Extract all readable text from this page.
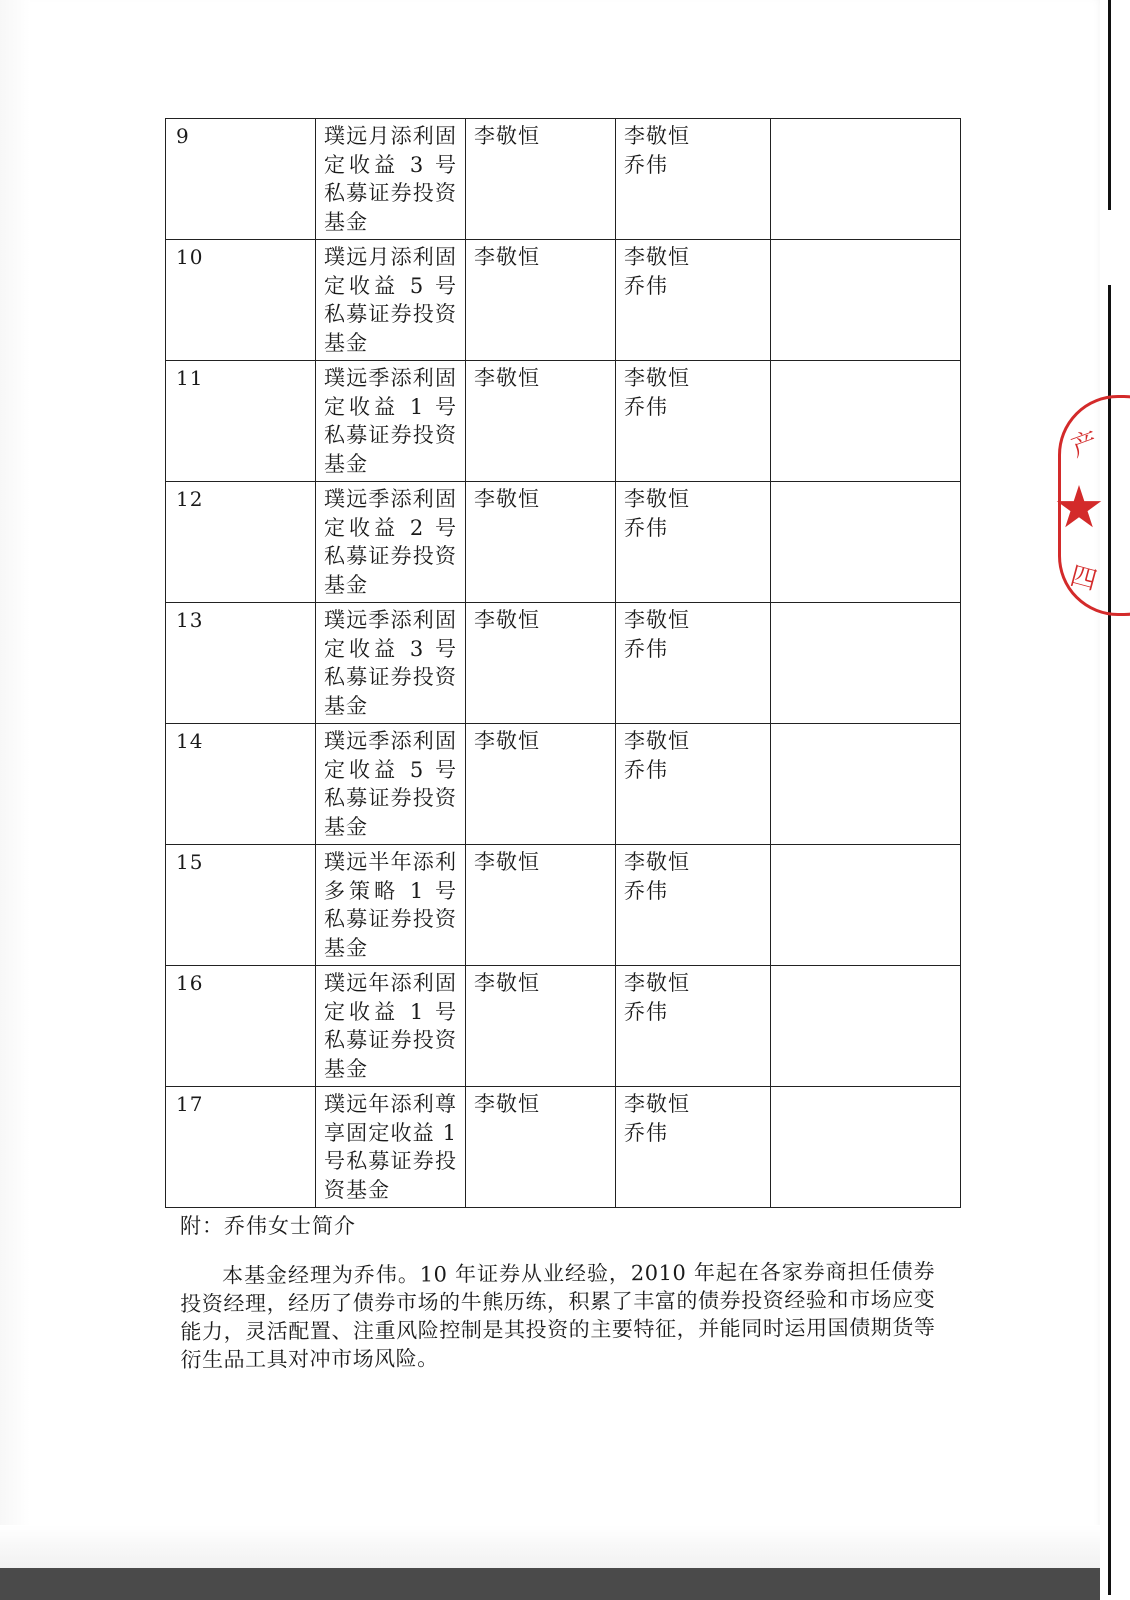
9	璞远月添利固定收益 3 号私募证券投资基金	李敬恒	李敬恒
乔伟	
10	璞远月添利固定收益 5 号私募证券投资基金	李敬恒	李敬恒
乔伟	
11	璞远季添利固定收益 1 号私募证券投资基金	李敬恒	李敬恒
乔伟	
12	璞远季添利固定收益 2 号私募证券投资基金	李敬恒	李敬恒
乔伟	
13	璞远季添利固定收益 3 号私募证券投资基金	李敬恒	李敬恒
乔伟	
14	璞远季添利固定收益 5 号私募证券投资基金	李敬恒	李敬恒
乔伟	
15	璞远半年添利多策略 1 号私募证券投资基金	李敬恒	李敬恒
乔伟	
16	璞远年添利固定收益 1 号私募证券投资基金	李敬恒	李敬恒
乔伟	
17	璞远年添利尊享固定收益 1 号私募证券投资基金	李敬恒	李敬恒
乔伟	
附：乔伟女士简介
本基金经理为乔伟。10 年证券从业经验，2010 年起在各家券商担任债券投资经理，经历了债券市场的牛熊历练，积累了丰富的债券投资经验和市场应变能力，灵活配置、注重风险控制是其投资的主要特征，并能同时运用国债期货等衍生品工具对冲市场风险。
产
★
四
